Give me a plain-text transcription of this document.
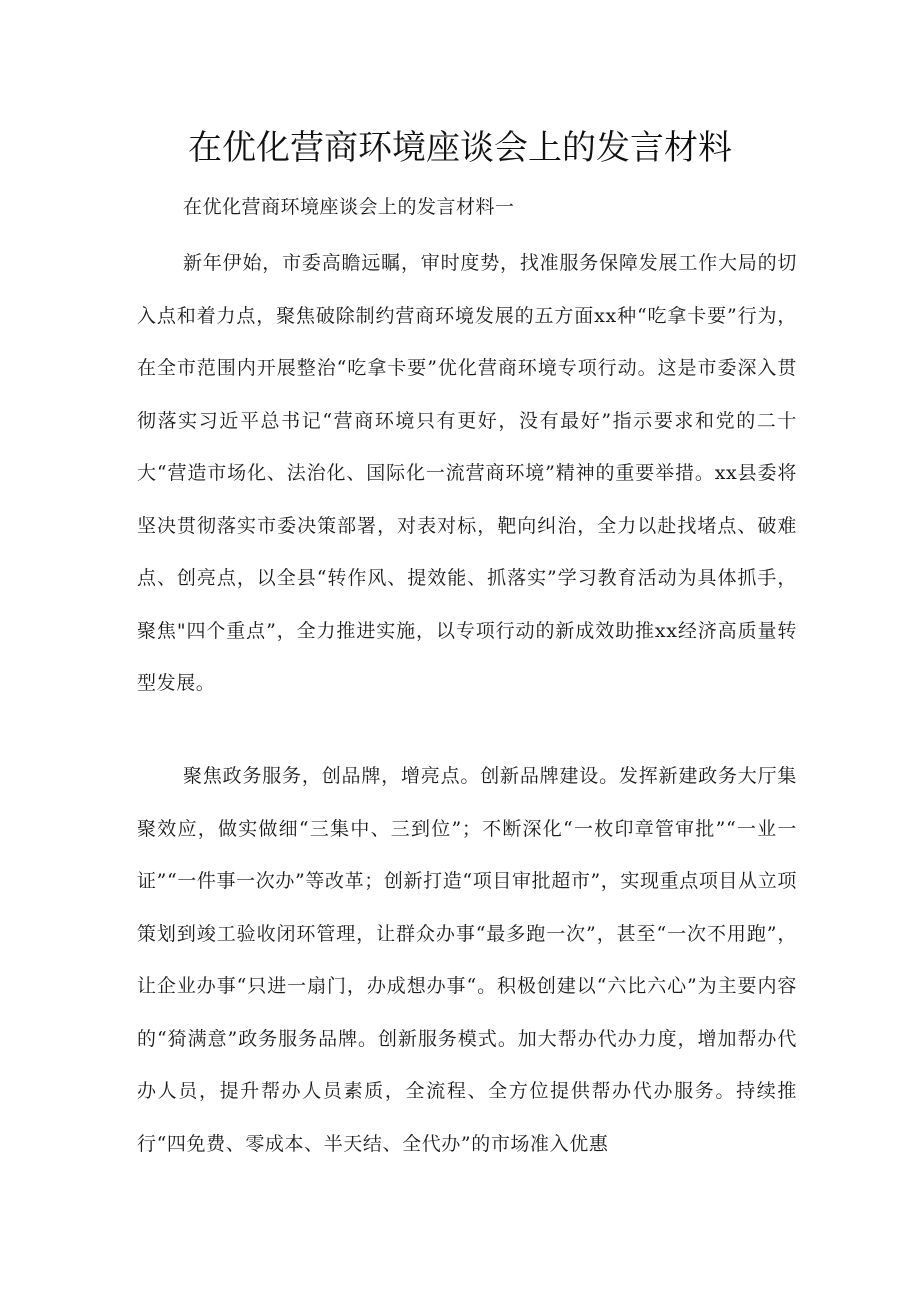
在优化营商环境座谈会上的发言材料

在优化营商环境座谈会上的发言材料一

新年伊始，市委高瞻远瞩，审时度势，找准服务保障发展工作大局的切入点和着力点，聚焦破除制约营商环境发展的五方面xx种“吃拿卡要”行为，在全市范围内开展整治“吃拿卡要”优化营商环境专项行动。这是市委深入贯彻落实习近平总书记“营商环境只有更好，没有最好”指示要求和党的二十大“营造市场化、法治化、国际化一流营商环境”精神的重要举措。xx县委将坚决贯彻落实市委决策部署，对表对标，靶向纠治，全力以赴找堵点、破难点、创亮点，以全县“转作风、提效能、抓落实”学习教育活动为具体抓手，聚焦"四个重点”，全力推进实施，以专项行动的新成效助推xx经济高质量转型发展。

聚焦政务服务，创品牌，增亮点。创新品牌建设。发挥新建政务大厅集聚效应，做实做细“三集中、三到位”；不断深化“一枚印章管审批”“一业一证”“一件事一次办”等改革；创新打造“项目审批超市”，实现重点项目从立项策划到竣工验收闭环管理，让群众办事“最多跑一次”，甚至“一次不用跑”，让企业办事“只进一扇门，办成想办事“。积极创建以“六比六心”为主要内容的“猗满意”政务服务品牌。创新服务模式。加大帮办代办力度，增加帮办代办人员，提升帮办人员素质，全流程、全方位提供帮办代办服务。持续推行“四免费、零成本、半天结、全代办”的市场准入优惠
